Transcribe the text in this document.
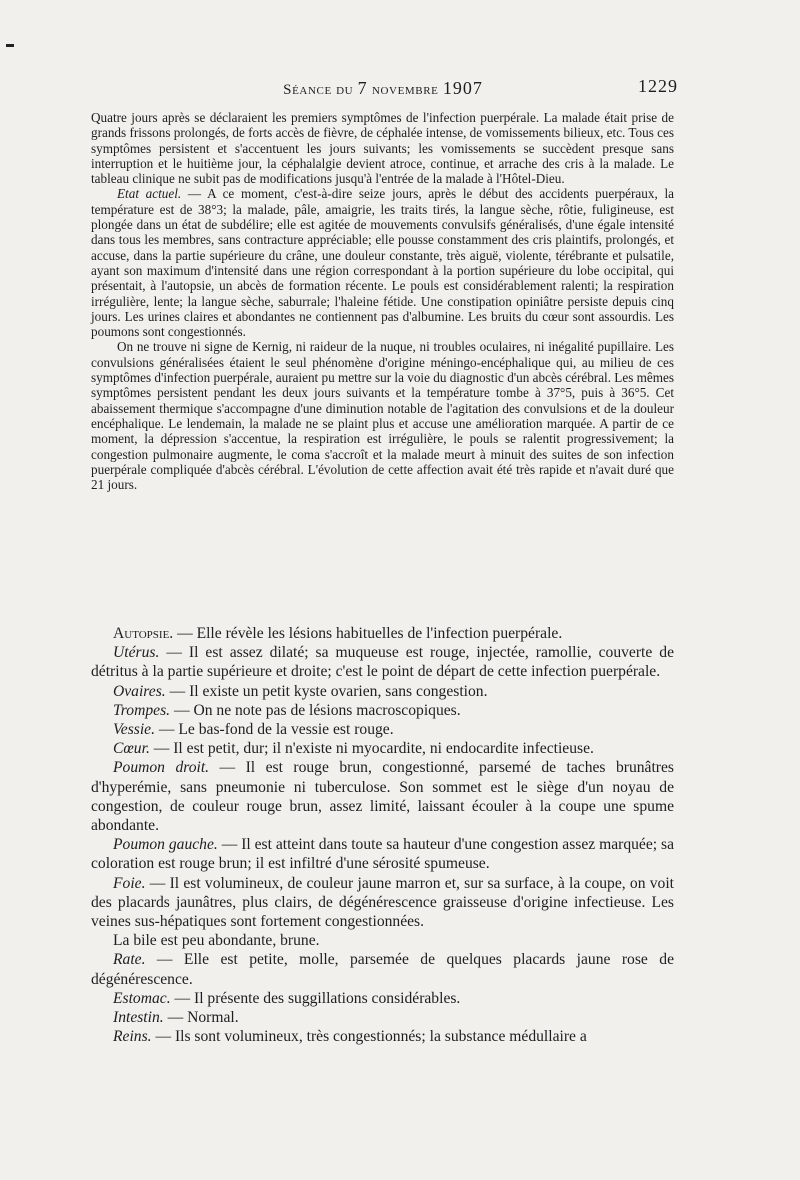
Séance du 7 novembre 1907	1229

Quatre jours après se déclaraient les premiers symptômes de l'infection puerpérale. La malade était prise de grands frissons prolongés, de forts accès de fièvre, de céphalée intense, de vomissements bilieux, etc. Tous ces symptômes persistent et s'accentuent les jours suivants; les vomissements se succèdent presque sans interruption et le huitième jour, la céphalalgie devient atroce, continue, et arrache des cris à la malade. Le tableau clinique ne subit pas de modifications jusqu'à l'entrée de la malade à l'Hôtel-Dieu.

Etat actuel. — A ce moment, c'est-à-dire seize jours, après le début des accidents puerpéraux, la température est de 38°3; la malade, pâle, amaigrie, les traits tirés, la langue sèche, rôtie, fuligineuse, est plongée dans un état de subdélire; elle est agitée de mouvements convulsifs généralisés, d'une égale intensité dans tous les membres, sans contracture appréciable; elle pousse constamment des cris plaintifs, prolongés, et accuse, dans la partie supérieure du crâne, une douleur constante, très aiguë, violente, térébrante et pulsatile, ayant son maximum d'intensité dans une région correspondant à la portion supérieure du lobe occipital, qui présentait, à l'autopsie, un abcès de formation récente. Le pouls est considérablement ralenti; la respiration irrégulière, lente; la langue sèche, saburrale; l'haleine fétide. Une constipation opiniâtre persiste depuis cinq jours. Les urines claires et abondantes ne contiennent pas d'albumine. Les bruits du cœur sont assourdis. Les poumons sont congestionnés.

On ne trouve ni signe de Kernig, ni raideur de la nuque, ni troubles oculaires, ni inégalité pupillaire. Les convulsions généralisées étaient le seul phénomène d'origine méningo-encéphalique qui, au milieu de ces symptômes d'infection puerpérale, auraient pu mettre sur la voie du diagnostic d'un abcès cérébral. Les mêmes symptômes persistent pendant les deux jours suivants et la température tombe à 37°5, puis à 36°5. Cet abaissement thermique s'accompagne d'une diminution notable de l'agitation des convulsions et de la douleur encéphalique. Le lendemain, la malade ne se plaint plus et accuse une amélioration marquée. A partir de ce moment, la dépression s'accentue, la respiration est irrégulière, le pouls se ralentit progressivement; la congestion pulmonaire augmente, le coma s'accroît et la malade meurt à minuit des suites de son infection puerpérale compliquée d'abcès cérébral. L'évolution de cette affection avait été très rapide et n'avait duré que 21 jours.

Autopsie. — Elle révèle les lésions habituelles de l'infection puerpérale.

Utérus. — Il est assez dilaté; sa muqueuse est rouge, injectée, ramollie, couverte de détritus à la partie supérieure et droite; c'est le point de départ de cette infection puerpérale.

Ovaires. — Il existe un petit kyste ovarien, sans congestion.

Trompes. — On ne note pas de lésions macroscopiques.

Vessie. — Le bas-fond de la vessie est rouge.

Cœur. — Il est petit, dur; il n'existe ni myocardite, ni endocardite infectieuse.

Poumon droit. — Il est rouge brun, congestionné, parsemé de taches brunâtres d'hyperémie, sans pneumonie ni tuberculose. Son sommet est le siège d'un noyau de congestion, de couleur rouge brun, assez limité, laissant écouler à la coupe une spume abondante.

Poumon gauche. — Il est atteint dans toute sa hauteur d'une congestion assez marquée; sa coloration est rouge brun; il est infiltré d'une sérosité spumeuse.

Foie. — Il est volumineux, de couleur jaune marron et, sur sa surface, à la coupe, on voit des placards jaunâtres, plus clairs, de dégénérescence graisseuse d'origine infectieuse. Les veines sus-hépatiques sont fortement congestionnées.

La bile est peu abondante, brune.

Rate. — Elle est petite, molle, parsemée de quelques placards jaune rose de dégénérescence.

Estomac. — Il présente des suggillations considérables.

Intestin. — Normal.

Reins. — Ils sont volumineux, très congestionnés; la substance médullaire a
